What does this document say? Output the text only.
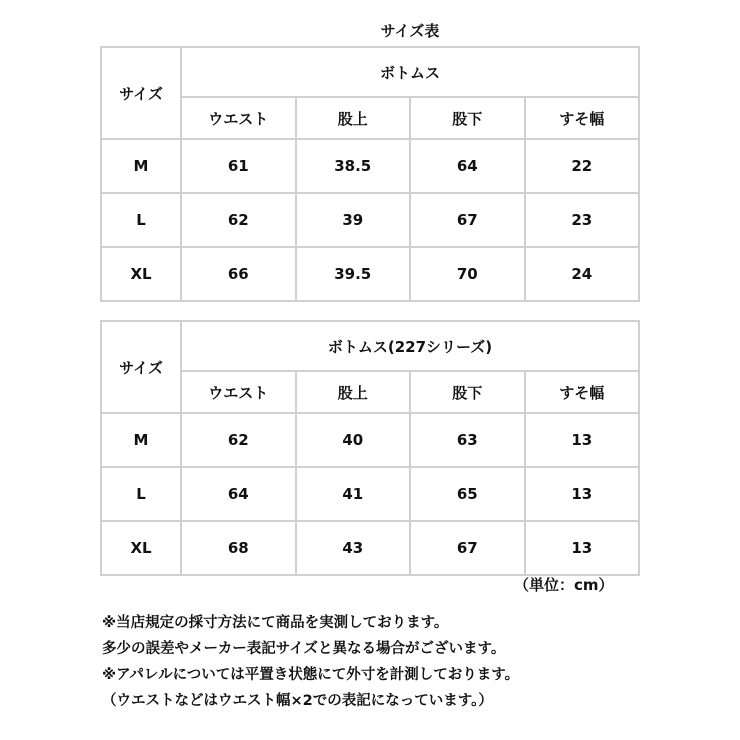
サイズ表
サイズ	ボトムス			
	ウエスト	股上	股下	すそ幅
M	61	38.5	64	22
L	62	39	67	23
XL	66	39.5	70	24
サイズ	ボトムス(227シリーズ)			
	ウエスト	股上	股下	すそ幅
M	62	40	63	13
L	64	41	65	13
XL	68	43	67	13
（単位：cm）
※当店規定の採寸方法にて商品を実測しております。
多少の誤差やメーカー表記サイズと異なる場合がございます。
※アパレルについては平置き状態にて外寸を計測しております。
（ウエストなどはウエスト幅×2での表記になっています。）
